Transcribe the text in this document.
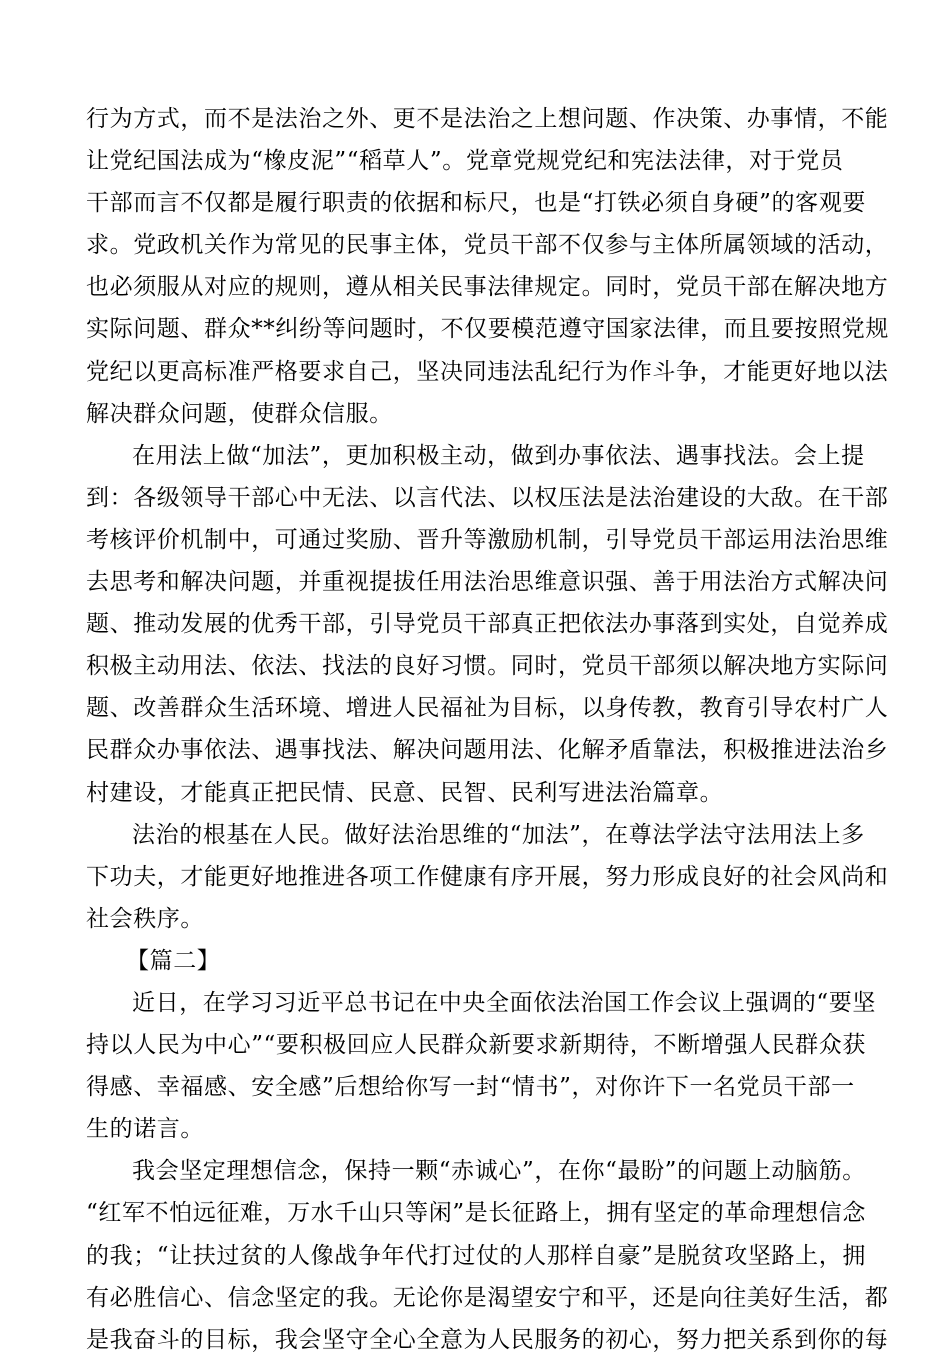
行为方式，而不是法治之外、更不是法治之上想问题、作决策、办事情，不能
让党纪国法成为“橡皮泥”“稻草人”。党章党规党纪和宪法法律，对于党员
干部而言不仅都是履行职责的依据和标尺，也是“打铁必须自身硬”的客观要
求。党政机关作为常见的民事主体，党员干部不仅参与主体所属领域的活动，
也必须服从对应的规则，遵从相关民事法律规定。同时，党员干部在解决地方
实际问题、群众**纠纷等问题时，不仅要模范遵守国家法律，而且要按照党规
党纪以更高标准严格要求自己，坚决同违法乱纪行为作斗争，才能更好地以法
解决群众问题，使群众信服。
在用法上做“加法”，更加积极主动，做到办事依法、遇事找法。会上提
到：各级领导干部心中无法、以言代法、以权压法是法治建设的大敌。在干部
考核评价机制中，可通过奖励、晋升等激励机制，引导党员干部运用法治思维
去思考和解决问题，并重视提拔任用法治思维意识强、善于用法治方式解决问
题、推动发展的优秀干部，引导党员干部真正把依法办事落到实处，自觉养成
积极主动用法、依法、找法的良好习惯。同时，党员干部须以解决地方实际问
题、改善群众生活环境、增进人民福祉为目标，以身传教，教育引导农村广人
民群众办事依法、遇事找法、解决问题用法、化解矛盾靠法，积极推进法治乡
村建设，才能真正把民情、民意、民智、民利写进法治篇章。
法治的根基在人民。做好法治思维的“加法”，在尊法学法守法用法上多
下功夫，才能更好地推进各项工作健康有序开展，努力形成良好的社会风尚和
社会秩序。
【篇二】
近日，在学习习近平总书记在中央全面依法治国工作会议上强调的“要坚
持以人民为中心”“要积极回应人民群众新要求新期待，不断增强人民群众获
得感、幸福感、安全感”后想给你写一封“情书”，对你许下一名党员干部一
生的诺言。
我会坚定理想信念，保持一颗“赤诚心”，在你“最盼”的问题上动脑筋。
“红军不怕远征难，万水千山只等闲”是长征路上，拥有坚定的革命理想信念
的我；“让扶过贫的人像战争年代打过仗的人那样自豪”是脱贫攻坚路上，拥
有必胜信心、信念坚定的我。无论你是渴望安宁和平，还是向往美好生活，都
是我奋斗的目标，我会坚守全心全意为人民服务的初心，努力把关系到你的每
